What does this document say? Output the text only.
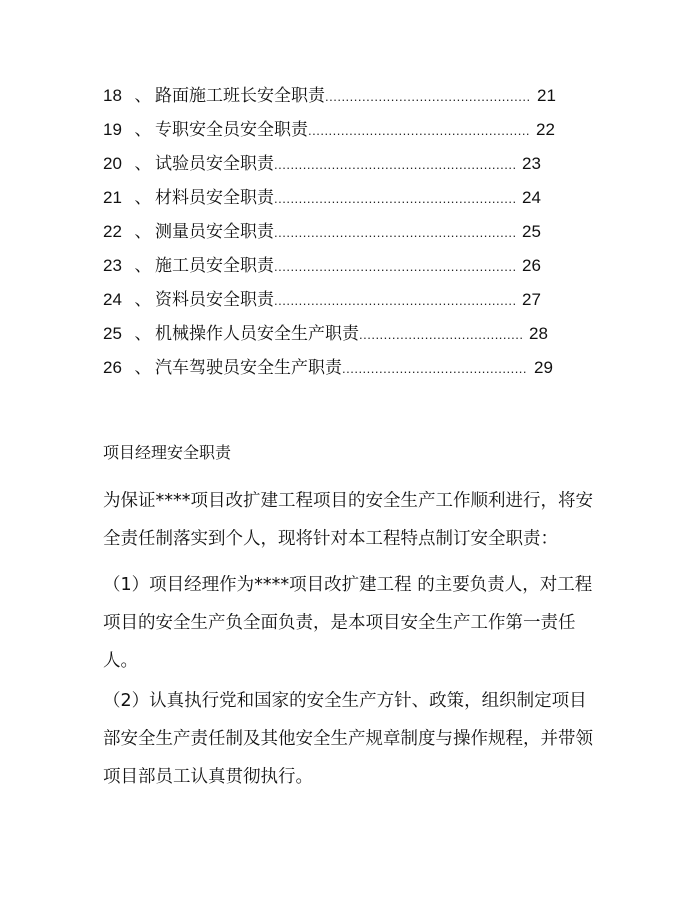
18 、 路面施工班长安全职责 .....	21
19 、 专职安全员安全职责 .....	22
20 、 试验员安全职责 .....	23
21 、 材料员安全职责 .....	24
22 、 测量员安全职责 .....	25
23 、 施工员安全职责 .....	26
24 、 资料员安全职责 .....	27
25 、 机械操作人员安全生产职责 .....	28
26 、 汽车驾驶员安全生产职责 .....	29
项目经理安全职责

为保证****项目改扩建工程项目的安全生产工作顺利进行，将安全责任制落实到个人，现将针对本工程特点制订安全职责：

（1）项目经理作为****项目改扩建工程 的主要负责人，对工程项目的安全生产负全面负责，是本项目安全生产工作第一责任人。

（2）认真执行党和国家的安全生产方针、政策，组织制定项目部安全生产责任制及其他安全生产规章制度与操作规程，并带领项目部员工认真贯彻执行。
